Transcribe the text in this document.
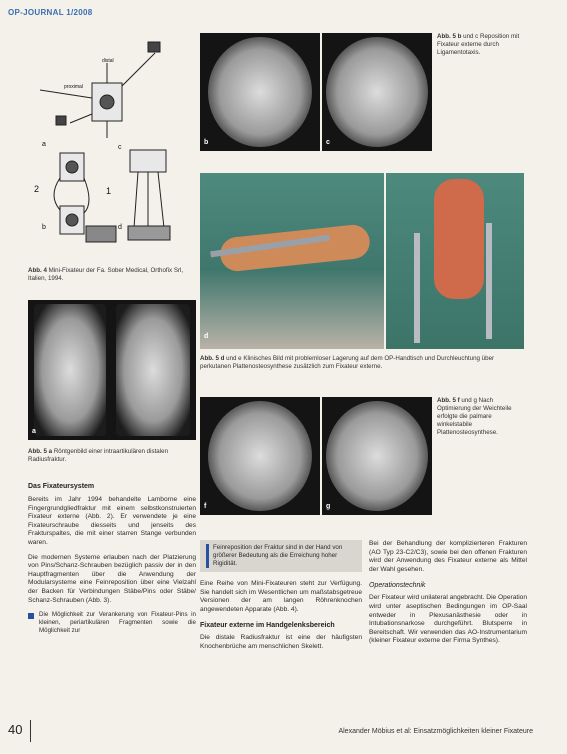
OP-JOURNAL 1/2008
distal
proximal
a	c
2	1
b	d
Abb. 4 Mini-Fixateur der Fa. Sober Medical, Orthofix Srl, Italien, 1994.
a
Abb. 5 a Röntgenbild einer intraartikulären distalen Radiusfraktur.
b	c
Abb. 5 b und c Reposition mit Fixateur externe durch Ligamentotaxis.
d
Abb. 5 d und e Klinisches Bild mit problemloser Lagerung auf dem OP-Handtisch und Durchleuchtung über perkutanen Plattenosteosynthese zusätzlich zum Fixateur externe.
f	g
Abb. 5 f und g Nach Optimierung der Weichteile erfolgte die palmare winkelstabile Plattenosteosynthese.
Das Fixateursystem

Bereits im Jahr 1994 behandelte Lamborne eine Fingergrundgliedfraktur mit einem selbstkonstruierten Fixateur externe (Abb. 2). Er verwendete je eine Fixateurschraube diesseits und jenseits des Frakturspaltes, die mit einer starren Stange verbunden waren.

Die modernen Systeme erlauben nach der Platzierung von Pins/Schanz-Schrauben bezüglich passiv der in den Hauptfragmenten über die Anwendung der Modularsysteme eine Feinreposition über eine Vielzahl der Backen für Verbindungen Stäbe/Pins oder Stäbe/ Schanz-Schrauben (Abb. 3).

Die Möglichkeit zur Verankerung von Fixateur-Pins in kleinen, periartikulären Fragmenten sowie die Möglichkeit zur

Feinreposition der Fraktur sind in der Hand von größerer Bedeutung als die Erreichung hoher Rigidität.

Eine Reihe von Mini-Fixateuren steht zur Verfügung. Sie handelt sich im Wesentlichen um maßstabsgetreue Versionen der am langen Röhrenknochen angewendeten Apparate (Abb. 4).

Fixateur externe im Handgelenksbereich

Die distale Radiusfraktur ist eine der häufigsten Knochenbrüche am menschlichen Skelett.

Bei der Behandlung der komplizierteren Frakturen (AO Typ 23-C2/C3), sowie bei den offenen Frakturen wird der Anwendung des Fixateur externe als Mittel der Wahl gesehen.

Operationstechnik

Der Fixateur wird unilateral angebracht. Die Operation wird unter aseptischen Bedingungen im OP-Saal entweder in Plexusanästhesie oder in Intubationsnarkose durchgeführt. Blutsperre in Bereitschaft. Wir verwenden das AO-Instrumentarium (kleiner Fixateur externe der Firma Synthes).

40	Alexander Möbius et al: Einsatzmöglichkeiten kleiner Fixateure
